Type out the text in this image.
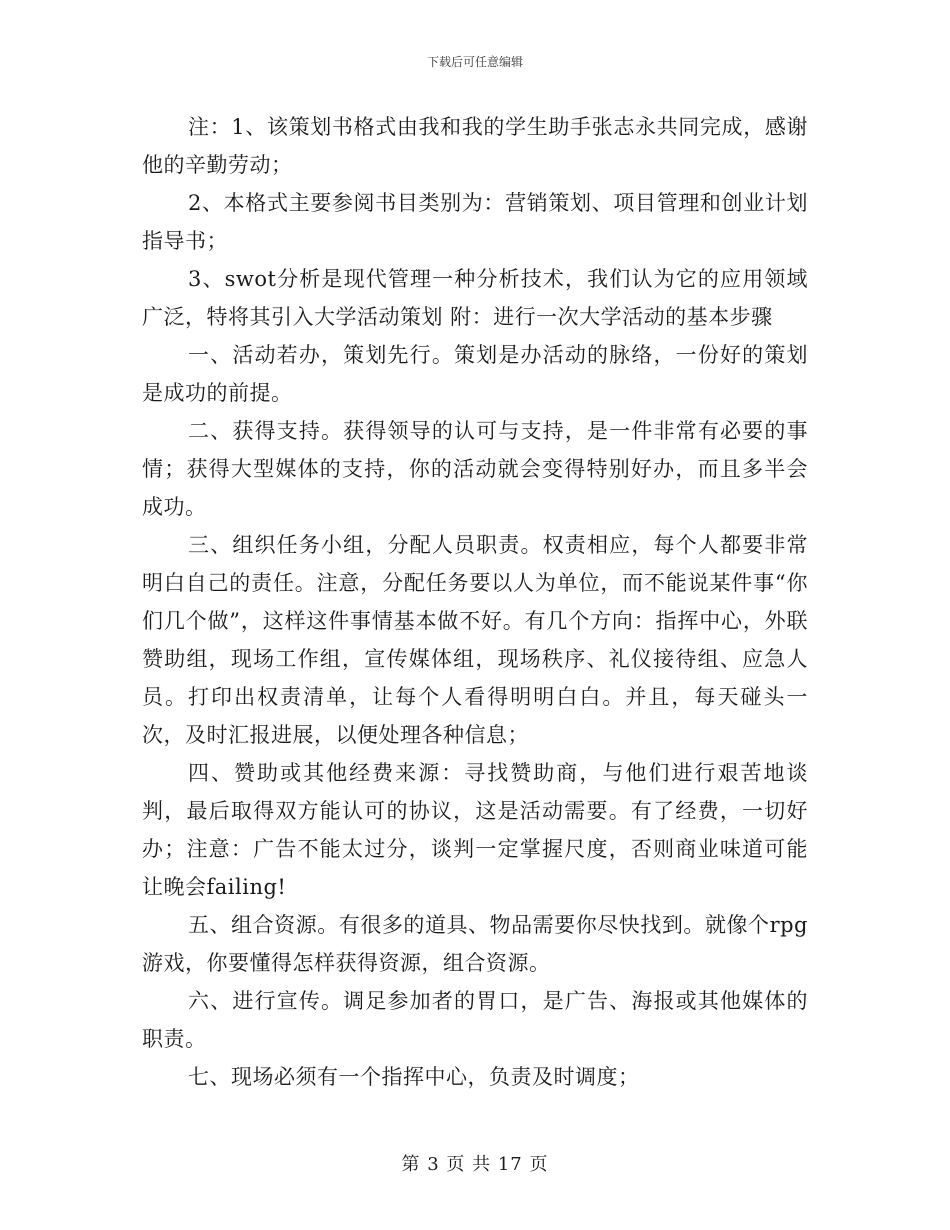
下载后可任意编辑

注：1、该策划书格式由我和我的学生助手张志永共同完成，感谢他的辛勤劳动；

2、本格式主要参阅书目类别为：营销策划、项目管理和创业计划指导书；

3、swot分析是现代管理一种分析技术，我们认为它的应用领域广泛，特将其引入大学活动策划 附：进行一次大学活动的基本步骤

一、活动若办，策划先行。策划是办活动的脉络，一份好的策划是成功的前提。

二、获得支持。获得领导的认可与支持，是一件非常有必要的事情；获得大型媒体的支持，你的活动就会变得特别好办，而且多半会成功。

三、组织任务小组，分配人员职责。权责相应，每个人都要非常明白自己的责任。注意，分配任务要以人为单位，而不能说某件事“你们几个做”，这样这件事情基本做不好。有几个方向：指挥中心，外联赞助组，现场工作组，宣传媒体组，现场秩序、礼仪接待组、应急人员。打印出权责清单，让每个人看得明明白白。并且，每天碰头一次，及时汇报进展，以便处理各种信息；

四、赞助或其他经费来源：寻找赞助商，与他们进行艰苦地谈判，最后取得双方能认可的协议，这是活动需要。有了经费，一切好办；注意：广告不能太过分，谈判一定掌握尺度，否则商业味道可能让晚会failing!

五、组合资源。有很多的道具、物品需要你尽快找到。就像个rpg游戏，你要懂得怎样获得资源，组合资源。

六、进行宣传。调足参加者的胃口，是广告、海报或其他媒体的职责。

七、现场必须有一个指挥中心，负责及时调度；

第 3 页 共 17 页
